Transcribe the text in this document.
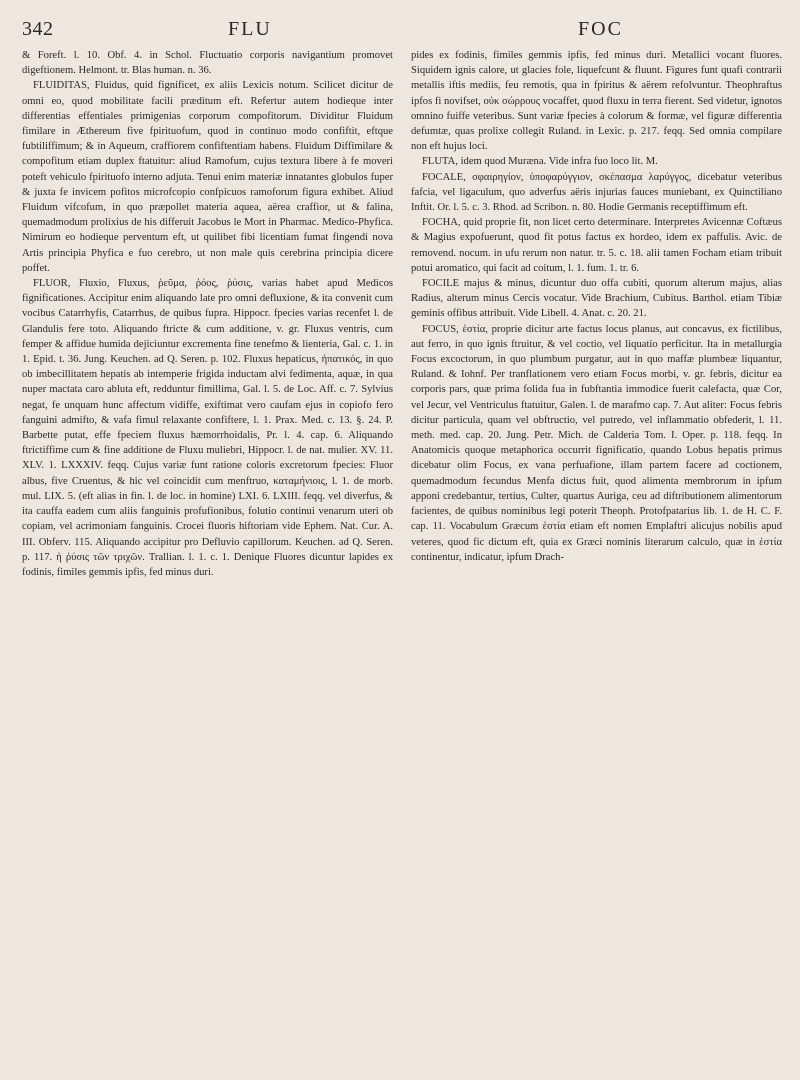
342	FLU	FOC

& Foreft. l. 10. Obf. 4. in Schol. Fluctuatio corporis navigantium promovet digeftionem. Helmont. tr. Blas human. n. 36.

FLUIDITAS, Fluidus, quid fignificet, ex aliis Lexicis notum. Scilicet dicitur de omni eo, quod mobilitate facili præditum eft. Refertur autem hodieque inter differentias effentiales primigenias corporum compofitorum. Dividitur Fluidum fimilare in Æthereum five fpirituofum, quod in continuo modo confiftit, eftque fubtiliffimum; & in Aqueum, craffiorem confiftentiam habens. Fluidum Diffimilare & compofitum etiam duplex ftatuitur: aliud Ramofum, cujus textura libere à fe moveri poteft vehiculo fpirituofo interno adjuta. Tenui enim materiæ innatantes globulos fuper & juxta fe invicem pofitos microfcopio confpicuos ramoforum figura exhibet. Aliud Fluidum vifcofum, in quo præpollet materia aquea, aërea craffior, ut & falina, quemadmodum prolixius de his differuit Jacobus le Mort in Pharmac. Medico-Phyfica. Nimirum eo hodieque perventum eft, ut quilibet fibi licentiam fumat fingendi nova Artis principia Phyfica e fuo cerebro, ut non male quis cerebrina principia dicere poffet.

FLUOR, Fluxio, Fluxus, ῥεῦμα, ῥόος, ῥύσις, varias habet apud Medicos fignificationes. Accipitur enim aliquando late pro omni defluxione, & ita convenit cum vocibus Catarrhyfis, Catarrhus, de quibus fupra. Hippocr. fpecies varias recenfet l. de Glandulis fere toto. Aliquando ftricte & cum additione, v. gr. Fluxus ventris, cum femper & affidue humida dejiciuntur excrementa fine tenefmo & lienteria, Gal. c. 1. in 1. Epid. t. 36. Jung. Keuchen. ad Q. Seren. p. 102. Fluxus hepaticus, ἡπατικός, in quo ob imbecillitatem hepatis ab intemperie frigida inductam alvi fedimenta, aquæ, in qua nuper mactata caro abluta eft, redduntur fimillima, Gal. l. 5. de Loc. Aff. c. 7. Sylvius negat, fe unquam hunc affectum vidiffe, exiftimat vero caufam ejus in copiofo fero fanguini admifto, & vafa fimul relaxante confiftere, l. 1. Prax. Med. c. 13. §. 24. P. Barbette putat, effe fpeciem fluxus hæmorrhoidalis, Pr. l. 4. cap. 6. Aliquando ftrictiffime cum & fine additione de Fluxu muliebri, Hippocr. l. de nat. mulier. XV. 11. XLV. 1. LXXXIV. feqq. Cujus variæ funt ratione coloris excretorum fpecies: Fluor albus, five Cruentus, & hic vel coincidit cum menftruo, καταμήνιοις, l. 1. de morb. mul. LIX. 5. (eft alias in fin. l. de loc. in homine) LXI. 6. LXIII. feqq. vel diverfus, & ita cauffa eadem cum aliis fanguinis profufionibus, folutio continui venarum uteri ob copiam, vel acrimoniam fanguinis. Crocei fluoris hiftoriam vide Ephem. Nat. Cur. A. III. Obferv. 115. Aliquando accipitur pro Defluvio capillorum. Keuchen. ad Q. Seren. p. 117. ἡ ῥύσις τῶν τριχῶν. Trallian. l. 1. c. 1. Denique Fluores dicuntur lapides ex fodinis, fimiles gemmis ipfis, fed minus duri.

pides ex fodinis, fimiles gemmis ipfis, fed minus duri. Metallici vocant fluores. Siquidem ignis calore, ut glacies fole, liquefcunt & fluunt. Figures funt quafi contrarii metallis iftis mediis, feu remotis, qua in fpiritus & aërem refolvuntur. Theophraftus ipfos fi novifset, οὐκ σώρρους vocaffet, quod fluxu in terra fierent. Sed videtur, ignotos omnino fuiffe veteribus. Sunt variæ fpecies à colorum & formæ, vel figuræ differentia defumtæ, quas prolixe collegit Ruland. in Lexic. p. 217. feqq. Sed omnia compilare non eft hujus loci.

FLUTA, idem quod Muræna. Vide infra fuo loco lit. M.

FOCALE, σφαιρηγίον, ὑποφαρύγγιον, σκέπασμα λαρύγγος, dicebatur veteribus fafcia, vel ligaculum, quo adverfus aëris injurias fauces muniebant, ex Quinctiliano Inftit. Or. l. 5. c. 3. Rhod. ad Scribon. n. 80. Hodie Germanis receptiffimum eft.

FOCHA, quid proprie fit, non licet certo determinare. Interpretes Avicennæ Coftæus & Magius expofuerunt, quod fit potus factus ex hordeo, idem ex paffulis. Avic. de removend. nocum. in ufu rerum non natur. tr. 5. c. 18. alii tamen Focham etiam tribuit potui aromatico, qui facit ad coitum, l. 1. fum. 1. tr. 6.

FOCILE majus & minus, dicuntur duo offa cubiti, quorum alterum majus, alias Radius, alterum minus Cercis vocatur. Vide Brachium, Cubitus. Barthol. etiam Tibiæ geminis offibus attribuit. Vide Libell. 4. Anat. c. 20. 21.

FOCUS, ἑστία, proprie dicitur arte factus locus planus, aut concavus, ex fictilibus, aut ferro, in quo ignis ftruitur, & vel coctio, vel liquatio perficitur. Ita in metallurgia Focus excoctorum, in quo plumbum purgatur, aut in quo maffæ plumbeæ liquantur, Ruland. & Iohnf. Per tranflationem vero etiam Focus morbi, v. gr. febris, dicitur ea corporis pars, quæ prima folida fua in fubftantia immodice fuerit calefacta, quæ Cor, vel Jecur, vel Ventriculus ftatuitur, Galen. l. de marafmo cap. 7. Aut aliter: Focus febris dicitur particula, quam vel obftructio, vel putredo, vel inflammatio obfederit, l. 11. meth. med. cap. 20. Jung. Petr. Mich. de Calderia Tom. I. Oper. p. 118. feqq. In Anatomicis quoque metaphorica occurrit fignificatio, quando Lobus hepatis primus dicebatur olim Focus, ex vana perfuafione, illam partem facere ad coctionem, quemadmodum fecundus Menfa dictus fuit, quod alimenta membrorum in ipfum apponi credebantur, tertius, Culter, quartus Auriga, ceu ad diftributionem alimentorum facientes, de quibus nominibus legi poterit Theoph. Protofpatarius lib. 1. de H. C. F. cap. 11. Vocabulum Græcum ἑστία etiam eft nomen Emplaftri alicujus nobilis apud veteres, quod fic dictum eft, quia ex Græci nominis literarum calculo, quæ in ἑστία continentur, indicatur, ipfum Drach-
